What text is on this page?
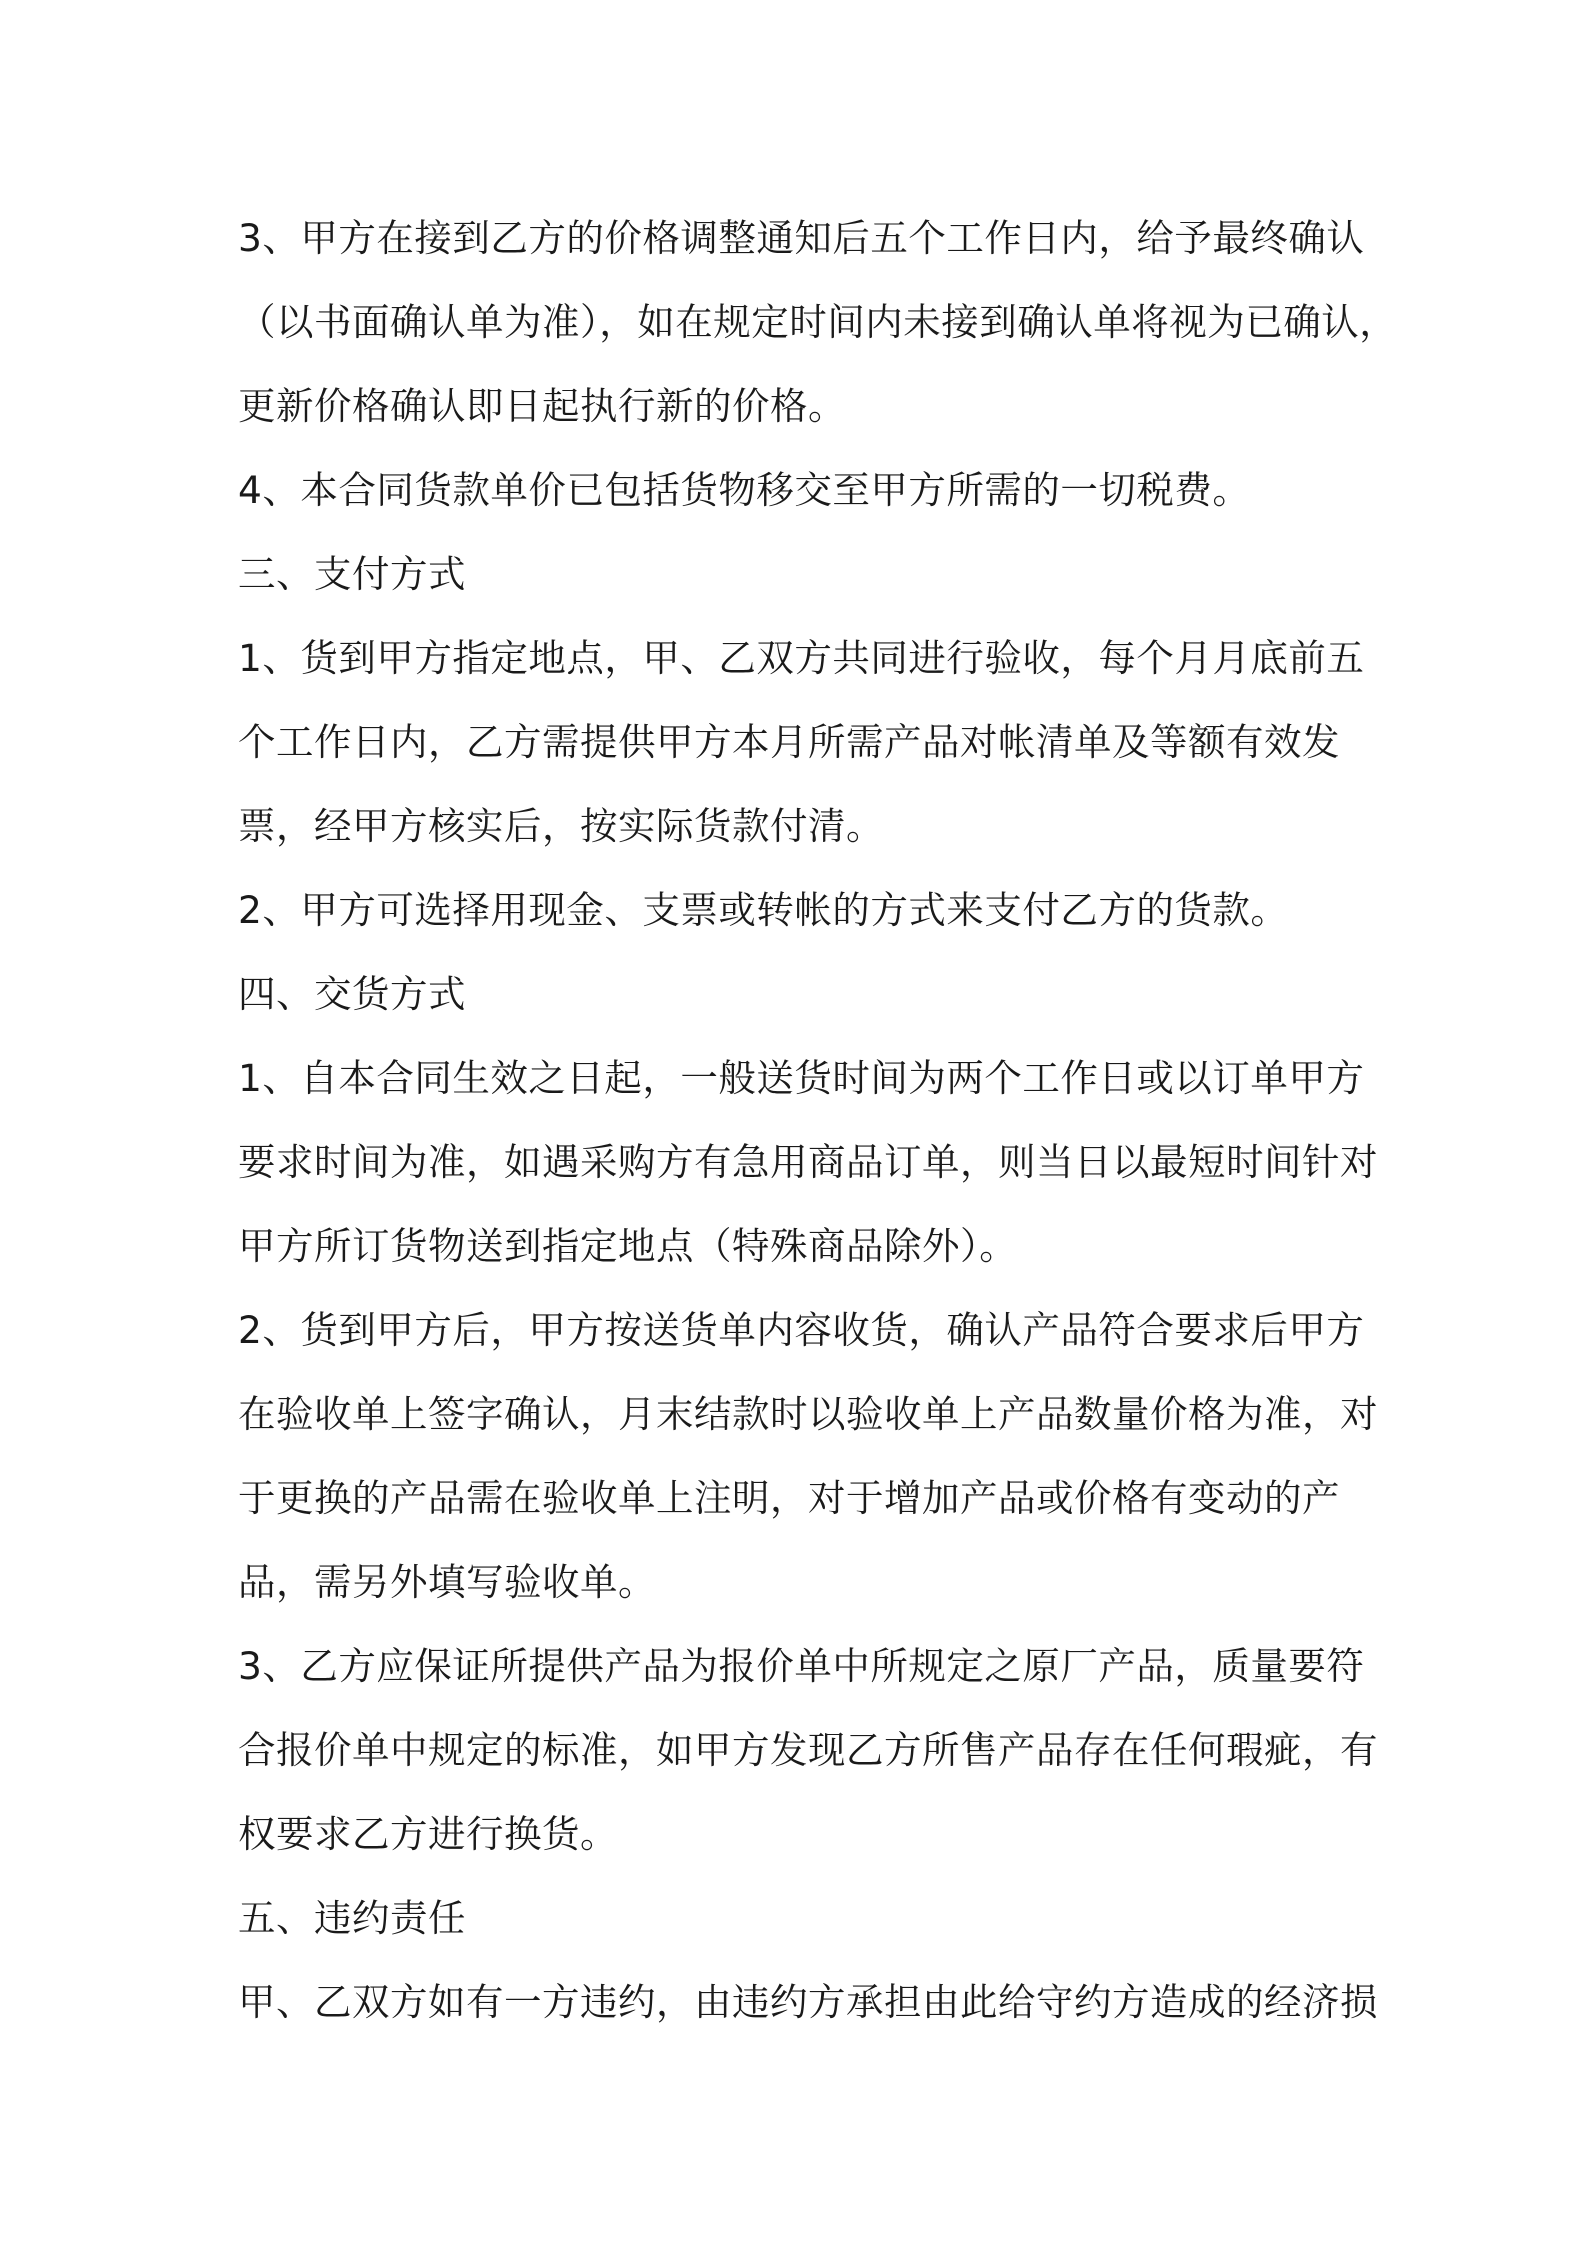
3、甲方在接到乙方的价格调整通知后五个工作日内，给予最终确认
（以书面确认单为准），如在规定时间内未接到确认单将视为已确认，
更新价格确认即日起执行新的价格。
4、本合同货款单价已包括货物移交至甲方所需的一切税费。
三、支付方式
1、货到甲方指定地点，甲、乙双方共同进行验收，每个月月底前五
个工作日内，乙方需提供甲方本月所需产品对帐清单及等额有效发
票，经甲方核实后，按实际货款付清。
2、甲方可选择用现金、支票或转帐的方式来支付乙方的货款。
四、交货方式
1、自本合同生效之日起，一般送货时间为两个工作日或以订单甲方
要求时间为准，如遇采购方有急用商品订单，则当日以最短时间针对
甲方所订货物送到指定地点（特殊商品除外）。
2、货到甲方后，甲方按送货单内容收货，确认产品符合要求后甲方
在验收单上签字确认，月末结款时以验收单上产品数量价格为准，对
于更换的产品需在验收单上注明，对于增加产品或价格有变动的产
品，需另外填写验收单。
3、乙方应保证所提供产品为报价单中所规定之原厂产品，质量要符
合报价单中规定的标准，如甲方发现乙方所售产品存在任何瑕疵，有
权要求乙方进行换货。
五、违约责任
甲、乙双方如有一方违约，由违约方承担由此给守约方造成的经济损
